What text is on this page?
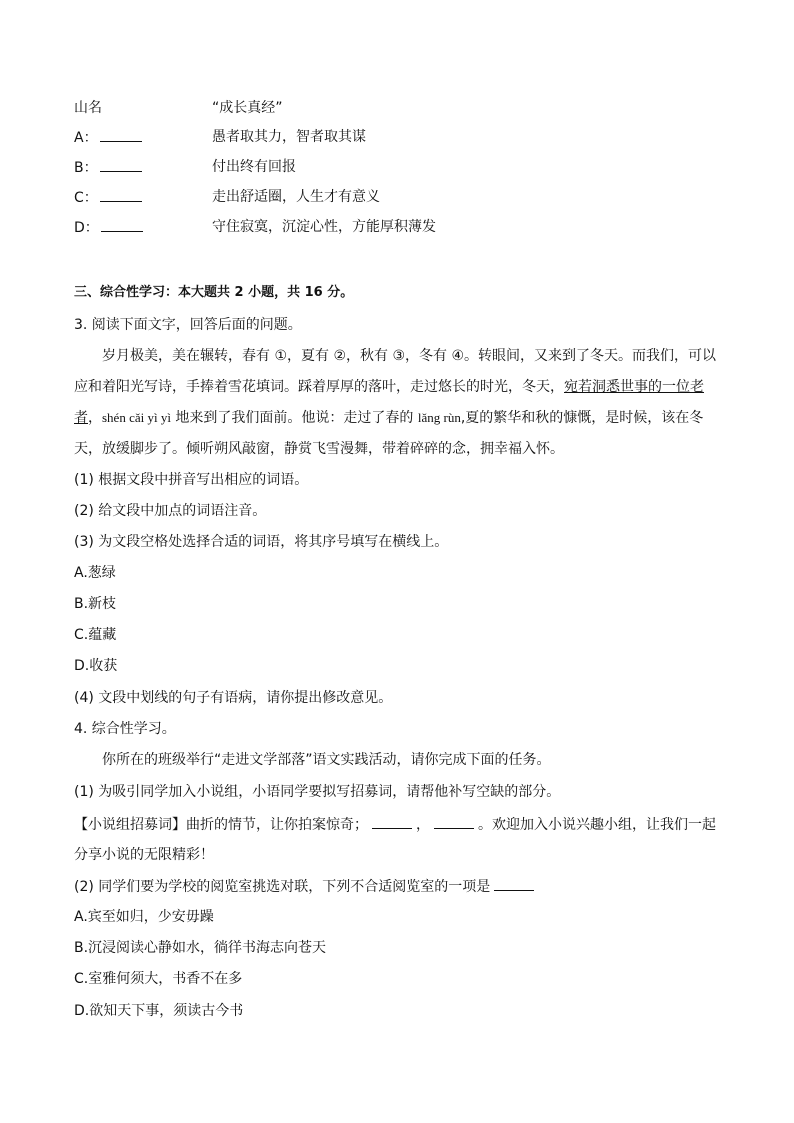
山名	“成长真经”
A：	愚者取其力，智者取其谋
B：	付出终有回报
C：	走出舒适圈，人生才有意义
D：	守住寂寞，沉淀心性，方能厚积薄发
三、综合性学习：本大题共 2 小题，共 16 分。
3. 阅读下面文字，回答后面的问题。
岁月极美，美在辗转，春有 ①，夏有 ②，秋有 ③，冬有 ④。转眼间，又来到了冬天。而我们，可以
应和着阳光写诗，手捧着雪花填词。踩着厚厚的落叶，走过悠长的时光，冬天，宛若洞悉世事的一位老
者，shén cǎi yì yì 地来到了我们面前。他说：走过了春的 lǎng rùn,夏的繁华和秋的慷慨，是时候，该在冬
天，放缓脚步了。倾听朔风敲窗，静赏飞雪漫舞，带着碎碎的念，拥幸福入怀。
(1) 根据文段中拼音写出相应的词语。
(2) 给文段中加点的词语注音。
(3) 为文段空格处选择合适的词语，将其序号填写在横线上。
A.葱绿
B.新枝
C.蕴藏
D.收获
(4) 文段中划线的句子有语病，请你提出修改意见。
4. 综合性学习。
你所在的班级举行“走进文学部落”语文实践活动，请你完成下面的任务。
(1) 为吸引同学加入小说组，小语同学要拟写招募词，请帮他补写空缺的部分。
【小说组招募词】曲折的情节，让你拍案惊奇；	，	。欢迎加入小说兴趣小组，让我们一起
分享小说的无限精彩！
(2) 同学们要为学校的阅览室挑选对联，下列不合适阅览室的一项是
A.宾至如归，少安毋躁
B.沉浸阅读心静如水，徜徉书海志向苍天
C.室雅何须大，书香不在多
D.欲知天下事，须读古今书
